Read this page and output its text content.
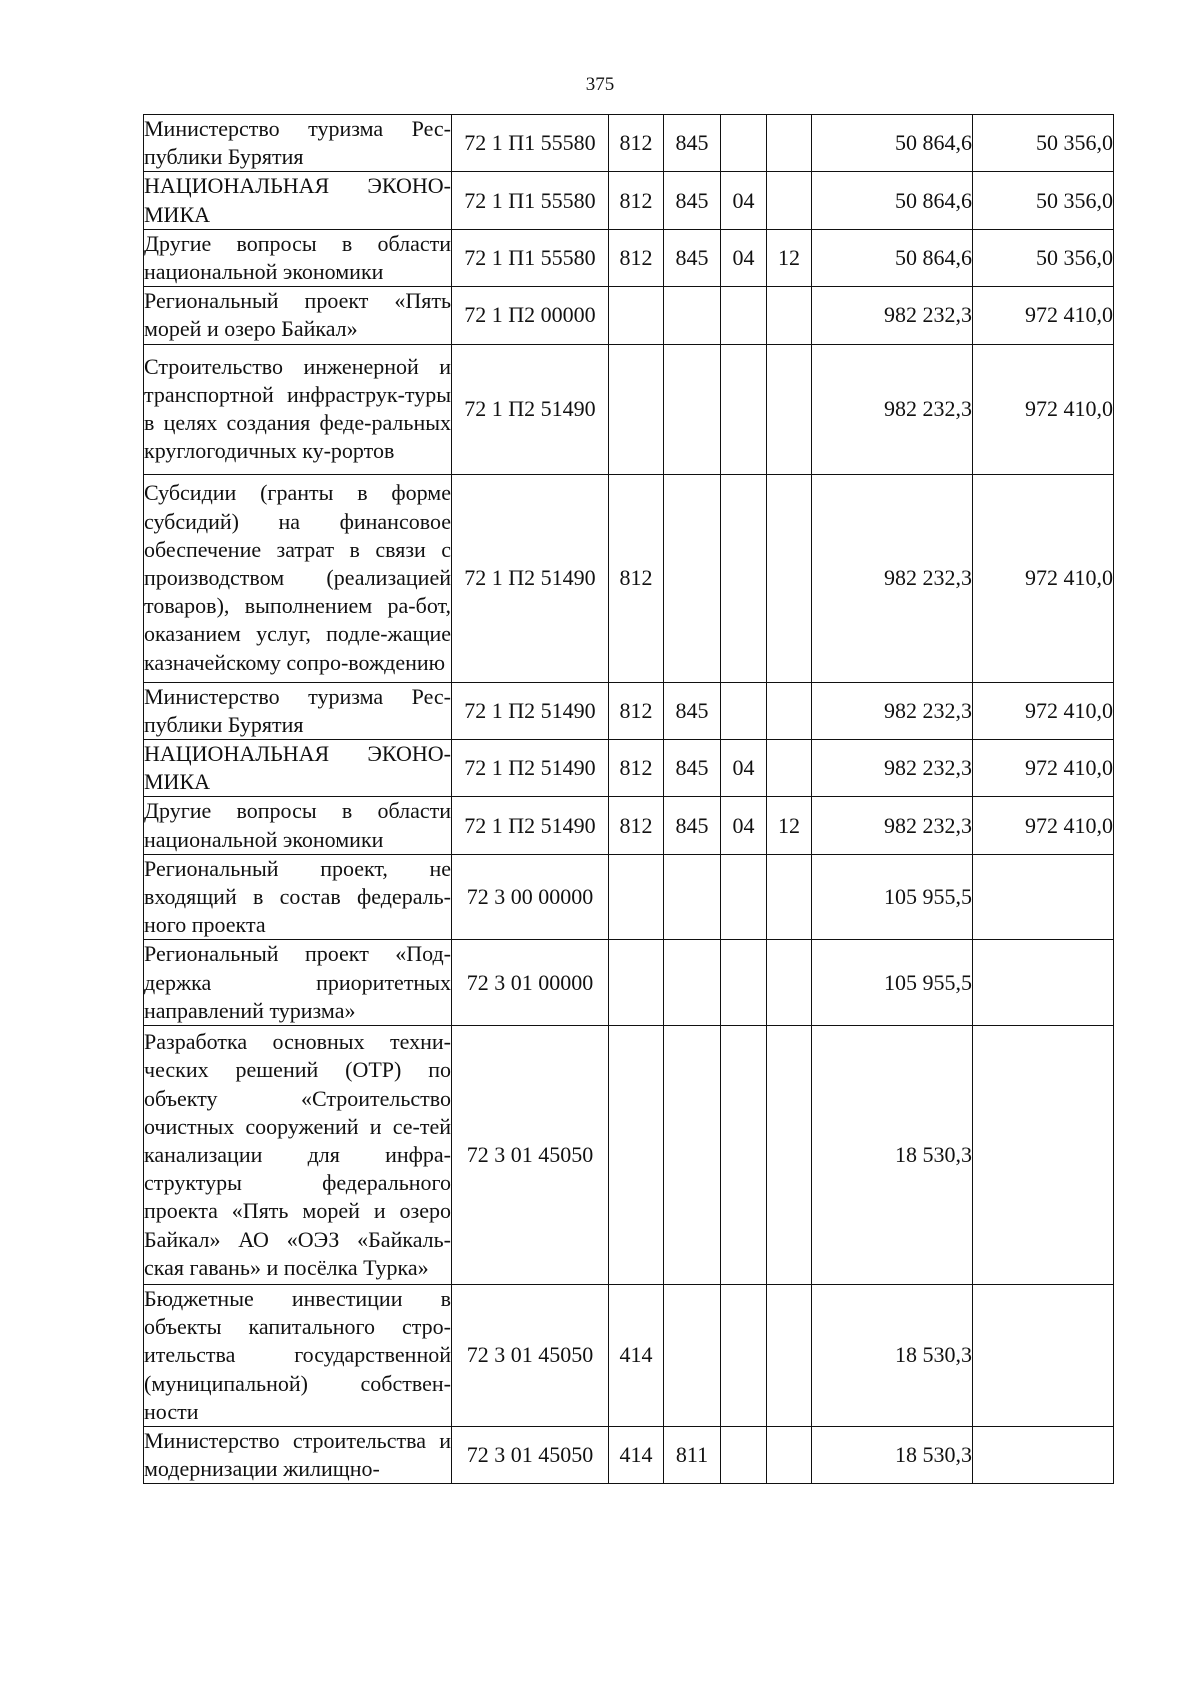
375
Министерство туризма Рес-публики Бурятия	72 1 П1 55580	812	845			50 864,6	50 356,0
НАЦИОНАЛЬНАЯ ЭКОНО-МИКА	72 1 П1 55580	812	845	04		50 864,6	50 356,0
Другие вопросы в области национальной экономики	72 1 П1 55580	812	845	04	12	50 864,6	50 356,0
Региональный проект «Пять морей и озеро Байкал»	72 1 П2 00000					982 232,3	972 410,0
Строительство инженерной и транспортной инфраструк-туры в целях создания феде-ральных круглогодичных ку-рортов	72 1 П2 51490					982 232,3	972 410,0
Субсидии (гранты в форме субсидий) на финансовое обеспечение затрат в связи с производством (реализацией товаров), выполнением ра-бот, оказанием услуг, подле-жащие казначейскому сопро-вождению	72 1 П2 51490	812				982 232,3	972 410,0
Министерство туризма Рес-публики Бурятия	72 1 П2 51490	812	845			982 232,3	972 410,0
НАЦИОНАЛЬНАЯ ЭКОНО-МИКА	72 1 П2 51490	812	845	04		982 232,3	972 410,0
Другие вопросы в области национальной экономики	72 1 П2 51490	812	845	04	12	982 232,3	972 410,0
Региональный проект, не входящий в состав федераль-ного проекта	72 3 00 00000					105 955,5	
Региональный проект «Под-держка приоритетных направлений туризма»	72 3 01 00000					105 955,5	
Разработка основных техни-ческих решений (ОТР) по объекту «Строительство очистных сооружений и се-тей канализации для инфра-структуры федерального проекта «Пять морей и озеро Байкал» АО «ОЭЗ «Байкаль-ская гавань» и посёлка Турка»	72 3 01 45050					18 530,3	
Бюджетные инвестиции в объекты капитального стро-ительства государственной (муниципальной) собствен-ности	72 3 01 45050	414				18 530,3	
Министерство строительства и модернизации жилищно-	72 3 01 45050	414	811			18 530,3	
